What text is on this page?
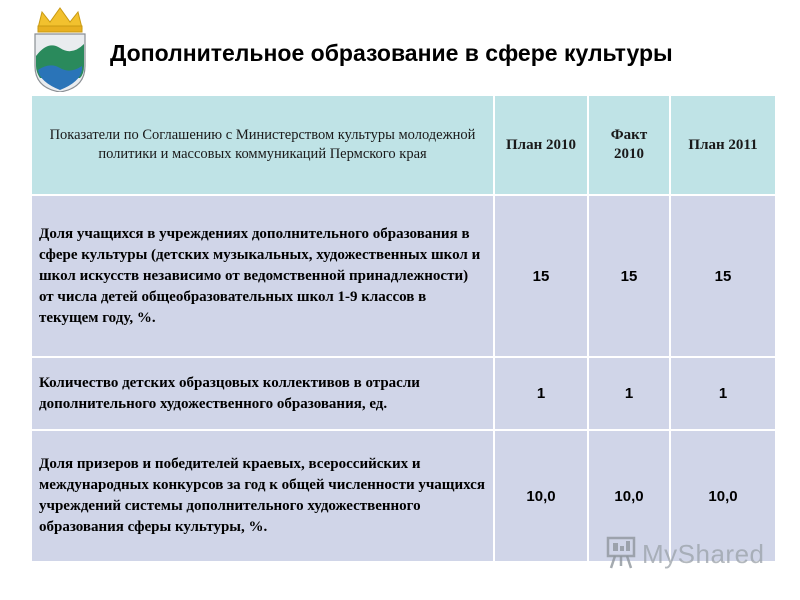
Дополнительное образование в сфере культуры
Показатели по Соглашению с Министерством культуры молодежной политики и массовых коммуникаций Пермского края	План 2010	Факт 2010	План 2011
Доля учащихся в учреждениях дополнительного образования в сфере культуры (детских музыкальных, художественных школ и школ искусств независимо от ведомственной принадлежности) от числа детей общеобразовательных школ 1-9 классов в текущем году, %.	15	15	15
Количество детских образцовых коллективов в отрасли дополнительного художественного образования, ед.	1	1	1
Доля призеров и победителей краевых, всероссийских и международных конкурсов за год к общей численности учащихся учреждений системы дополнительного художественного образования сферы культуры, %.	10,0	10,0	10,0
MyShared
